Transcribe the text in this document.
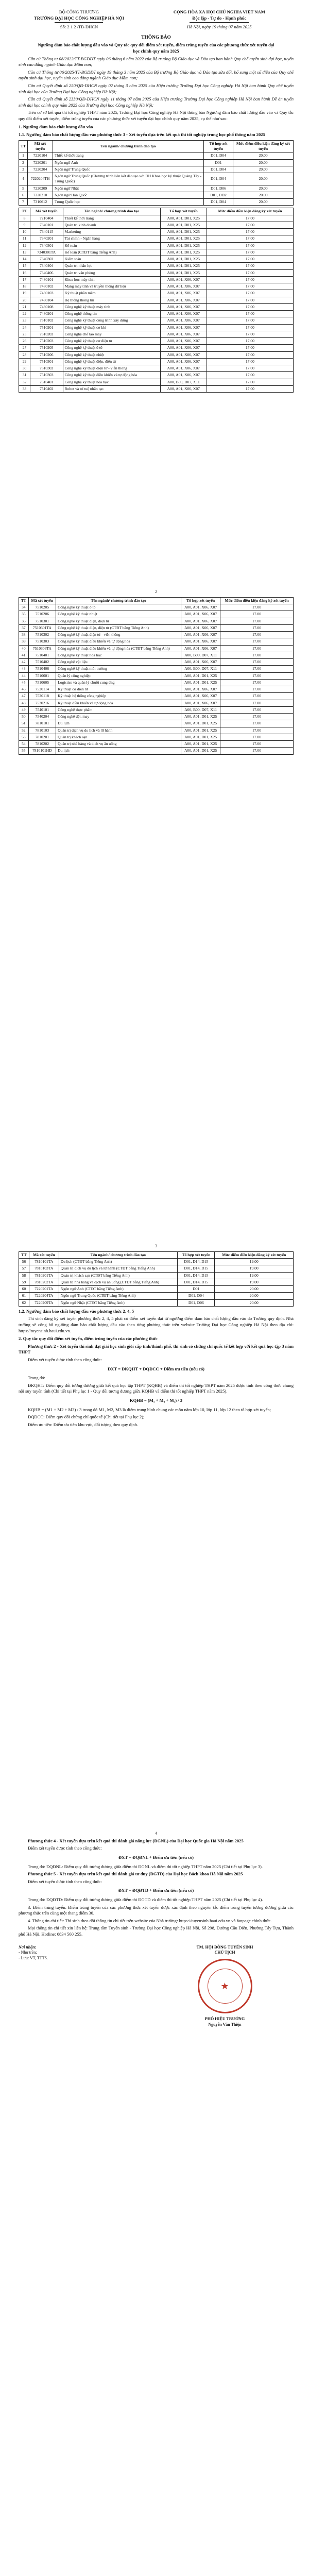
BỘ CÔNG THƯƠNG
TRƯỜNG ĐẠI HỌC CÔNG NGHIỆP HÀ NỘI
Số: 2 1 2 /TB-ĐHCN
CỘNG HÒA XÃ HỘI CHỦ NGHĨA VIỆT NAM
Độc lập - Tự do - Hạnh phúc
Hà Nội, ngày 19 tháng 07 năm 2025
THÔNG BÁO
Ngưỡng đảm bảo chất lượng đầu vào và Quy tắc quy đổi điểm xét tuyển, điểm trúng tuyển của các phương thức xét tuyển đại học chính quy năm 2025

Căn cứ Thông tư 08/2022/TT-BGDĐT ngày 06 tháng 6 năm 2022 của Bộ trưởng Bộ Giáo dục và Đào tạo ban hành Quy chế tuyển sinh đại học, tuyển sinh cao đẳng ngành Giáo dục Mầm non;

Căn cứ Thông tư 06/2025/TT-BGDĐT ngày 19 tháng 3 năm 2025 của Bộ trưởng Bộ Giáo dục và Đào tạo sửa đổi, bổ sung một số điều của Quy chế tuyển sinh đại học, tuyển sinh cao đẳng ngành Giáo dục Mầm non;

Căn cứ Quyết định số 250/QĐ-ĐHCN ngày 02 tháng 3 năm 2025 của Hiệu trưởng Trường Đại học Công nghiệp Hà Nội ban hành Quy chế tuyển sinh đại học của Trường Đại học Công nghiệp Hà Nội;

Căn cứ Quyết định số 2330/QĐ-ĐHCN ngày 11 tháng 07 năm 2025 của Hiệu trưởng Trường Đại học Công nghiệp Hà Nội ban hành Đề án tuyển sinh đại học chính quy năm 2025 của Trường Đại học Công nghiệp Hà Nội;

Trên cơ sở kết quả thi tốt nghiệp THPT năm 2025, Trường Đại học Công nghiệp Hà Nội thông báo Ngưỡng đảm bảo chất lượng đầu vào và Quy tắc quy đổi điểm xét tuyển, điểm trúng tuyển của các phương thức xét tuyển đại học chính quy năm 2025, cụ thể như sau:

1. Ngưỡng đảm bảo chất lượng đầu vào
1.1. Ngưỡng đảm bảo chất lượng đầu vào phương thức 3 - Xét tuyển dựa trên kết quả thi tốt nghiệp trung học phổ thông năm 2025
TT	Mã xét tuyển	Tên ngành/ chương trình đào tạo	Tổ hợp xét tuyển	Mức điểm điều kiện đăng ký xét tuyển
1	7220104	Thiết kế thời trang	D01, D04	20.00
2	7220201	Ngôn ngữ Anh	D01	20.00
3	7220204	Ngôn ngữ Trung Quốc	D01, D04	20.00
4	7220204TH	Ngôn ngữ Trung Quốc (Chương trình liên kết đào tạo với ĐH Khoa học kỹ thuật Quảng Tây - Trung Quốc)	D01, D04	20.00
5	7220209	Ngôn ngữ Nhật	D01, D06	20.00
6	7220210	Ngôn ngữ Hàn Quốc	D01, DD2	20.00
7	7310612	Trung Quốc học	D01, D04	20.00
TT	Mã xét tuyển	Tên ngành/ chương trình đào tạo	Tổ hợp xét tuyển	Mức điểm điều kiện đăng ký xét tuyển
8	7210404	Thiết kế thời trang	A00, A01, D01, X25	17.00
9	7340101	Quản trị kinh doanh	A00, A01, D01, X25	17.00
10	7340115	Marketing	A00, A01, D01, X25	17.00
11	7340201	Tài chính - Ngân hàng	A00, A01, D01, X25	17.00
12	7340301	Kế toán	A00, A01, D01, X25	17.00
13	7340301TA	Kế toán (CTĐT bằng Tiếng Anh)	A00, A01, D01, X25	17.00
14	7340302	Kiểm toán	A00, A01, D01, X25	17.00
15	7340404	Quản trị nhân lực	A00, A01, D01, X25	17.00
16	7340406	Quản trị văn phòng	A00, A01, D01, X25	17.00
17	7480101	Khoa học máy tính	A00, A01, X06, X07	17.00
18	7480102	Mạng máy tính và truyền thông dữ liệu	A00, A01, X06, X07	17.00
19	7480103	Kỹ thuật phần mềm	A00, A01, X06, X07	17.00
20	7480104	Hệ thống thông tin	A00, A01, X06, X07	17.00
21	7480108	Công nghệ kỹ thuật máy tính	A00, A01, X06, X07	17.00
22	7480201	Công nghệ thông tin	A00, A01, X06, X07	17.00
23	7510102	Công nghệ kỹ thuật công trình xây dựng	A00, A01, X06, X07	17.00
24	7510201	Công nghệ kỹ thuật cơ khí	A00, A01, X06, X07	17.00
25	7510202	Công nghệ chế tạo máy	A00, A01, X06, X07	17.00
26	7510203	Công nghệ kỹ thuật cơ điện tử	A00, A01, X06, X07	17.00
27	7510205	Công nghệ kỹ thuật ô tô	A00, A01, X06, X07	17.00
28	7510206	Công nghệ kỹ thuật nhiệt	A00, A01, X06, X07	17.00
29	7510301	Công nghệ kỹ thuật điện, điện tử	A00, A01, X06, X07	17.00
30	7510302	Công nghệ kỹ thuật điện tử - viễn thông	A00, A01, X06, X07	17.00
31	7510303	Công nghệ kỹ thuật điều khiển và tự động hóa	A00, A01, X06, X07	17.00
32	7510401	Công nghệ kỹ thuật hóa học	A00, B00, D07, X11	17.00
33	7510402	Robot và trí tuệ nhân tạo	A00, A01, X06, X07	17.00
2
TT	Mã xét tuyển	Tên ngành/ chương trình đào tạo	Tổ hợp xét tuyển	Mức điểm điều kiện đăng ký xét tuyển
34	7510205	Công nghệ kỹ thuật ô tô	A00, A01, X06, X07	17.00
35	7510206	Công nghệ kỹ thuật nhiệt	A00, A01, X06, X07	17.00
36	7510301	Công nghệ kỹ thuật điện, điện tử	A00, A01, X06, X07	17.00
37	7510301TA	Công nghệ kỹ thuật điện, điện tử (CTĐT bằng Tiếng Anh)	A00, A01, X06, X07	17.00
38	7510302	Công nghệ kỹ thuật điện tử - viễn thông	A00, A01, X06, X07	17.00
39	7510303	Công nghệ kỹ thuật điều khiển và tự động hóa	A00, A01, X06, X07	17.00
40	7510303TA	Công nghệ kỹ thuật điều khiển và tự động hóa (CTĐT bằng Tiếng Anh)	A00, A01, X06, X07	17.00
41	7510401	Công nghệ kỹ thuật hóa học	A00, B00, D07, X11	17.00
42	7510402	Công nghệ vật liệu	A00, A01, X06, X07	17.00
43	7510406	Công nghệ kỹ thuật môi trường	A00, B00, D07, X11	17.00
44	7510601	Quản lý công nghiệp	A00, A01, D01, X25	17.00
45	7510605	Logistics và quản lý chuỗi cung ứng	A00, A01, D01, X25	17.00
46	7520114	Kỹ thuật cơ điện tử	A00, A01, X06, X07	17.00
47	7520118	Kỹ thuật hệ thống công nghiệp	A00, A01, X06, X07	17.00
48	7520216	Kỹ thuật điều khiển và tự động hóa	A00, A01, X06, X07	17.00
49	7540101	Công nghệ thực phẩm	A00, B00, D07, X11	17.00
50	7540204	Công nghệ dệt, may	A00, A01, D01, X25	17.00
51	7810101	Du lịch	A00, A01, D01, X25	17.00
52	7810103	Quản trị dịch vụ du lịch và lữ hành	A00, A01, D01, X25	17.00
53	7810201	Quản trị khách sạn	A00, A01, D01, X25	17.00
54	7810202	Quản trị nhà hàng và dịch vụ ăn uống	A00, A01, D01, X25	17.00
55	7810101HD	Du lịch	A00, A01, D01, X25	17.00
3
TT	Mã xét tuyển	Tên ngành/ chương trình đào tạo	Tổ hợp xét tuyển	Mức điểm điều kiện đăng ký xét tuyển
56	7810101TA	Du lịch (CTĐT bằng Tiếng Anh)	D01, D14, D15	19.00
57	7810103TA	Quản trị dịch vụ du lịch và lữ hành (CTĐT bằng Tiếng Anh)	D01, D14, D15	19.00
58	7810201TA	Quản trị khách sạn (CTĐT bằng Tiếng Anh)	D01, D14, D15	19.00
59	7810202TA	Quản trị nhà hàng và dịch vụ ăn uống (CTĐT bằng Tiếng Anh)	D01, D14, D15	19.00
60	7220201TA	Ngôn ngữ Anh (CTĐT bằng Tiếng Anh)	D01	20.00
61	7220204TA	Ngôn ngữ Trung Quốc (CTĐT bằng Tiếng Anh)	D01, D04	20.00
62	7220209TA	Ngôn ngữ Nhật (CTĐT bằng Tiếng Anh)	D01, D06	20.00
1.2. Ngưỡng đảm bảo chất lượng đầu vào phương thức 2, 4, 5

Thí sinh đăng ký xét tuyển phương thức 2, 4, 5 phải có điểm xét tuyển đạt từ ngưỡng điểm đảm bảo chất lượng đầu vào do Trường quy định. Nhà trường sẽ công bố ngưỡng đảm bảo chất lượng đầu vào theo từng phương thức trên website Trường Đại học Công nghiệp Hà Nội theo địa chỉ: https://tuyensinh.haui.edu.vn.

2. Quy tắc quy đổi điểm xét tuyển, điểm trúng tuyển của các phương thức

Phương thức 2 - Xét tuyển thí sinh đạt giải học sinh giỏi cấp tỉnh/thành phố, thí sinh có chứng chỉ quốc tế kết hợp với kết quả học tập 3 năm THPT

Điểm xét tuyển được tính theo công thức:

ĐXT = ĐKQHT + ĐQĐCC + Điểm ưu tiên (nếu có)

Trong đó:

ĐKQHT: Điểm quy đổi tương đương giữa kết quả học tập THPT (KQHB) và điểm thi tốt nghiệp THPT năm 2025 được tính theo công thức chung nội suy tuyến tính (Chi tiết tại Phụ lục 1 - Quy đổi tương đương giữa KQHB và điểm thi tốt nghiệp THPT năm 2025).

KQHB = (M₁ + M₂ + M₃) / 3

KQHB = (M1 + M2 + M3) / 3 trong đó M1, M2, M3 là điểm trung bình chung các môn năm lớp 10, lớp 11, lớp 12 theo tổ hợp xét tuyển;

ĐQĐCC: Điểm quy đổi chứng chỉ quốc tế (Chi tiết tại Phụ lục 2);

Điểm ưu tiên: Điểm ưu tiên khu vực, đối tượng theo quy định.

4

Phương thức 4 - Xét tuyển dựa trên kết quả thi đánh giá năng lực (ĐGNL) của Đại học Quốc gia Hà Nội năm 2025

Điểm xét tuyển được tính theo công thức:

ĐXT = ĐQĐNL + Điểm ưu tiên (nếu có)

Trong đó: ĐQĐNL: Điểm quy đổi tương đương giữa điểm thi ĐGNL và điểm thi tốt nghiệp THPT năm 2025 (Chi tiết tại Phụ lục 3).

Phương thức 5 - Xét tuyển dựa trên kết quả thi đánh giá tư duy (ĐGTD) của Đại học Bách khoa Hà Nội năm 2025

Điểm xét tuyển được tính theo công thức:

ĐXT = ĐQĐTD + Điểm ưu tiên (nếu có)

Trong đó: ĐQĐTD: Điểm quy đổi tương đương giữa điểm thi ĐGTD và điểm thi tốt nghiệp THPT năm 2025 (Chi tiết tại Phụ lục 4).

3. Điểm trúng tuyển: Điểm trúng tuyển của các phương thức xét tuyển được xác định theo nguyên tắc điểm trúng tuyển tương đương giữa các phương thức trên cùng một thang điểm 30.

4. Thông tin chi tiết: Thí sinh theo dõi thông tin chi tiết trên website của Nhà trường: https://tuyensinh.haui.edu.vn và fanpage chính thức.

Mọi thông tin chi tiết xin liên hệ: Trung tâm Tuyển sinh - Trường Đại học Công nghiệp Hà Nội, Số 298, Đường Cầu Diễn, Phường Tây Tựu, Thành phố Hà Nội. Hotline: 0834 560 255.

Nơi nhận:
- Như trên;
- Lưu: VT, TTTS.
TM. HỘI ĐỒNG TUYỂN SINH
CHỦ TỊCH
★
PHÓ HIỆU TRƯỞNG
Nguyễn Văn Thiện
